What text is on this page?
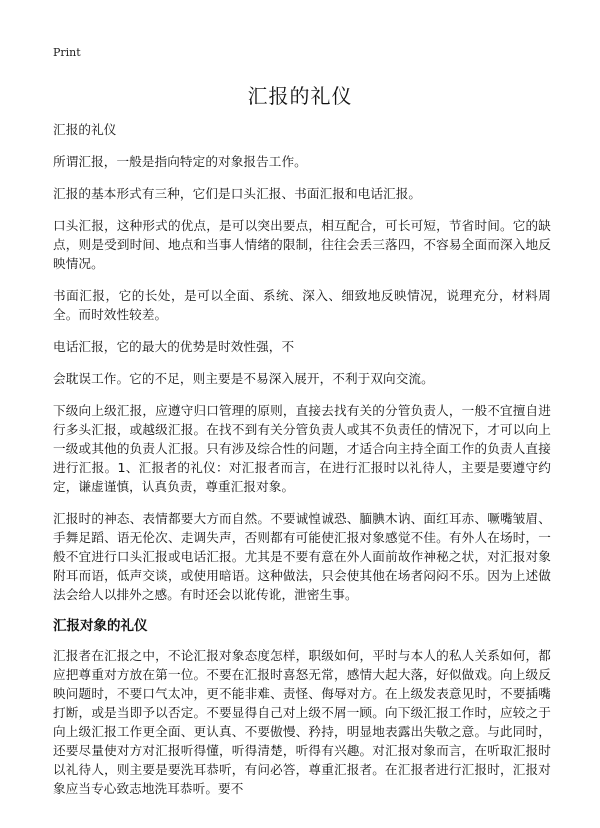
Print
汇报的礼仪

汇报的礼仪

所谓汇报，一般是指向特定的对象报告工作。

汇报的基本形式有三种，它们是口头汇报、书面汇报和电话汇报。

口头汇报，这种形式的优点，是可以突出要点，相互配合，可长可短，节省时间。它的缺点，则是受到时间、地点和当事人情绪的限制，往往会丢三落四，不容易全面而深入地反映情况。

书面汇报，它的长处，是可以全面、系统、深入、细致地反映情况，说理充分，材料周全。而时效性较差。

电话汇报，它的最大的优势是时效性强，不

会耽误工作。它的不足，则主要是不易深入展开，不利于双向交流。

下级向上级汇报，应遵守归口管理的原则，直接去找有关的分管负责人，一般不宜擅自进行多头汇报，或越级汇报。在找不到有关分管负责人或其不负责任的情况下，才可以向上一级或其他的负责人汇报。只有涉及综合性的问题，才适合向主持全面工作的负责人直接进行汇报。1、汇报者的礼仪：对汇报者而言，在进行汇报时以礼待人，主要是要遵守约定，谦虚谨慎，认真负责，尊重汇报对象。

汇报时的神态、表情都要大方而自然。不要诚惶诚恐、腼腆木讷、面红耳赤、噘嘴皱眉、手舞足蹈、语无伦次、走调失声，否则都有可能使汇报对象感觉不佳。有外人在场时，一般不宜进行口头汇报或电话汇报。尤其是不要有意在外人面前故作神秘之状，对汇报对象附耳而语，低声交谈，或使用暗语。这种做法，只会使其他在场者闷闷不乐。因为上述做法会给人以排外之感。有时还会以讹传讹，泄密生事。

汇报对象的礼仪

汇报者在汇报之中，不论汇报对象态度怎样，职级如何，平时与本人的私人关系如何，都应把尊重对方放在第一位。不要在汇报时喜怒无常，感情大起大落，好似做戏。向上级反映问题时，不要口气太冲，更不能非难、责怪、侮辱对方。在上级发表意见时，不要插嘴打断，或是当即予以否定。不要显得自己对上级不屑一顾。向下级汇报工作时，应较之于向上级汇报工作更全面、更认真、不要傲慢、矜持，明显地表露出失敬之意。与此同时，还要尽量使对方对汇报听得懂，听得清楚，听得有兴趣。对汇报对象而言，在听取汇报时以礼待人，则主要是要洗耳恭听，有问必答，尊重汇报者。在汇报者进行汇报时，汇报对象应当专心致志地洗耳恭听。要不
